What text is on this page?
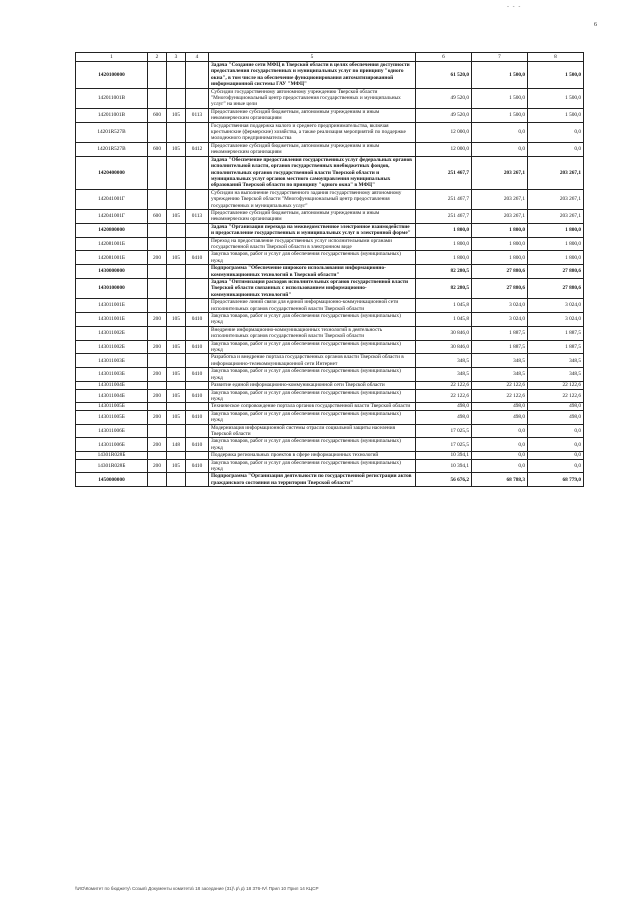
- - -
6
1	2	3	4	5	6	7	8
1420100000				Задача "Создание сети МФЦ в Тверской области в целях обеспечения доступности предоставления государственных и муниципальных услуг по принципу "одного окна", в том числе на обеспечение функционирования автоматизированной информационной системы ГАУ "МФЦ"	61 520,0	1 500,0	1 500,0
142011001В				Субсидии государственному автономному учреждению Тверской области "Многофункциональный центр предоставления государственных и муниципальных услуг" на иные цели	49 520,0	1 500,0	1 500,0
142011001В	600	105	0113	Предоставление субсидий бюджетным, автономным учреждениям и иным некоммерческим организациям	49 520,0	1 500,0	1 500,0
14201R527В				Государственная поддержка малого и среднего предпринимательства, включая крестьянские (фермерские) хозяйства, а также реализация мероприятий по поддержке молодежного предпринимательства	12 000,0	0,0	0,0
14201R527В	600	105	0412	Предоставление субсидий бюджетным, автономным учреждениям и иным некоммерческим организациям	12 000,0	0,0	0,0
1420400000				Задача "Обеспечение предоставления государственных услуг федеральных органов исполнительной власти, органов государственных внебюджетных фондов, исполнительных органов государственной власти Тверской области и муниципальных услуг органов местного самоуправления муниципальных образований Тверской области по принципу "одного окна" в МФЦ"	251 467,7	203 267,1	203 267,1
142041001Г				Субсидии на выполнение государственного задания государственному автономному учреждению Тверской области "Многофункциональный центр предоставления государственных и муниципальных услуг"	251 467,7	203 267,1	203 267,1
142041001Г	600	105	0113	Предоставление субсидий бюджетным, автономным учреждениям и иным некоммерческим организациям	251 467,7	203 267,1	203 267,1
1420800000				Задача "Организация перехода на межведомственное электронное взаимодействие и предоставление государственных и муниципальных услуг в электронной форме"	1 800,0	1 800,0	1 800,0
142081001Б				Переход на предоставление государственных услуг исполнительными органами государственной власти Тверской области в электронном виде	1 800,0	1 800,0	1 800,0
142081001Б	200	105	0410	Закупка товаров, работ и услуг для обеспечения государственных (муниципальных) нужд	1 800,0	1 800,0	1 800,0
1430000000				Подпрограмма "Обеспечение широкого использования информационно-коммуникационных технологий в Тверской области"	82 280,5	27 880,6	27 880,6
1430100000				Задача "Оптимизация расходов исполнительных органов государственной власти Тверской области связанных с использованием информационно-коммуникационных технологий"	82 280,5	27 880,6	27 880,6
143011001Б				Предоставление линий связи для единой информационно-коммуникационной сети исполнительных органов государственной власти Тверской области	1 045,8	3 024,0	3 024,0
143011001Б	200	105	0410	Закупка товаров, работ и услуг для обеспечения государственных (муниципальных) нужд	1 045,8	3 024,0	3 024,0
143011002Б				Внедрение информационно-коммуникационных технологий в деятельность исполнительных органов государственной власти Тверской области	30 846,0	1 887,5	1 887,5
143011002Б	200	105	0410	Закупка товаров, работ и услуг для обеспечения государственных (муниципальных) нужд	30 846,0	1 887,5	1 887,5
143011003Б				Разработка и внедрение портала государственных органов власти Тверской области в информационно-телекоммуникационной сети Интернет	348,5	348,5	348,5
143011003Б	200	105	0410	Закупка товаров, работ и услуг для обеспечения государственных (муниципальных) нужд	348,5	348,5	348,5
143011004Б				Развитие единой информационно-коммуникационной сети Тверской области	22 122,6	22 122,6	22 122,6
143011004Б	200	105	0410	Закупка товаров, работ и услуг для обеспечения государственных (муниципальных) нужд	22 122,6	22 122,6	22 122,6
143011005Б				Техническое сопровождение портала органов государственной власти Тверской области	498,0	498,0	498,0
143011005Б	200	105	0410	Закупка товаров, работ и услуг для обеспечения государственных (муниципальных) нужд	498,0	498,0	498,0
143011006Б				Модернизация информационной системы отрасли социальной защиты населения Тверской области	17 025,5	0,0	0,0
143011006Б	200	148	0410	Закупка товаров, работ и услуг для обеспечения государственных (муниципальных) нужд	17 025,5	0,0	0,0
14301R028Б				Поддержка региональных проектов в сфере информационных технологий	10 394,1	0,0	0,0
14301R028Б	200	105	0410	Закупка товаров, работ и услуг для обеспечения государственных (муниципальных) нужд	10 394,1	0,0	0,0
1450000000				Подпрограмма "Организация деятельности по государственной регистрации актов гражданского состояния на территории Тверской области"	56 676,2	68 788,3	68 779,0
\\ИО\Комитет по бюджету\ Созыв\ Документы комитета\ 18 заседание (31)\ р\ д\ 18 376-IV\ Прил 10 Прил 14 КЦСР
